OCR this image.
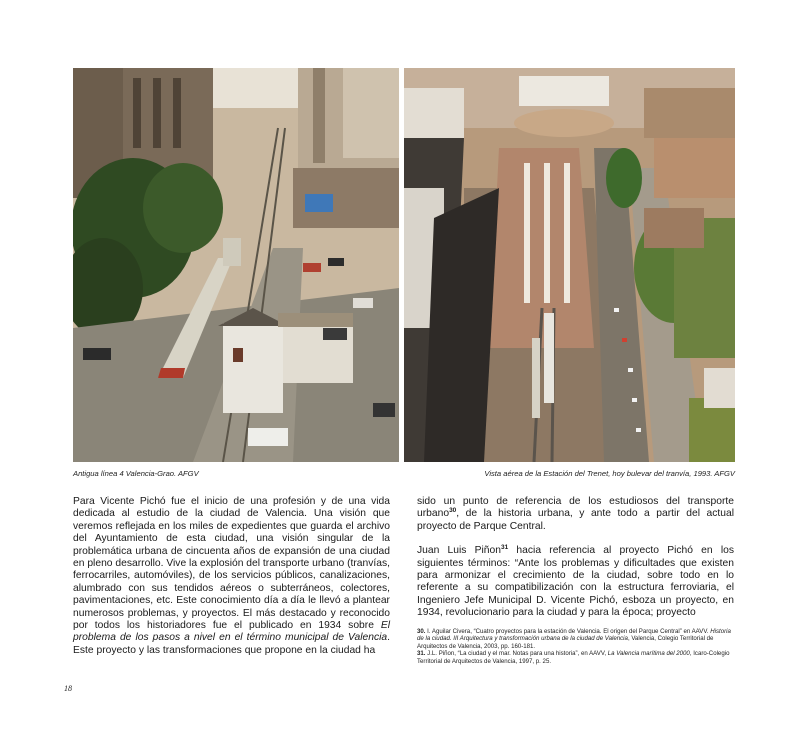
Antigua línea 4 Valencia-Grao. AFGV	Vista aérea de la Estación del Trenet, hoy bulevar del tranvía, 1993. AFGV

Para Vicente Pichó fue el inicio de una profesión y de una vida dedicada al estudio de la ciudad de Valencia. Una visión que veremos reflejada en los miles de expedientes que guarda el archivo del Ayuntamiento de esta ciudad, una visión singular de la problemática urbana de cincuenta años de expansión de una ciudad en pleno desarrollo. Vive la explosión del transporte urbano (tranvías, ferrocarriles, automóviles), de los servicios públicos, canalizaciones, alumbrado con sus tendidos aéreos o subterráneos, colectores, pavimentaciones, etc. Este conocimiento día a día le llevó a plantear numerosos problemas, y proyectos. El más destacado y reconocido por todos los historiadores fue el publicado en 1934 sobre El problema de los pasos a nivel en el término municipal de Valencia. Este proyecto y las transformaciones que propone en la ciudad ha

sido un punto de referencia de los estudiosos del transporte urbano$^{30}$, de la historia urbana, y ante todo a partir del actual proyecto de Parque Central.

Juan Luis Piñon$^{31}$ hacia referencia al proyecto Pichó en los siguientes términos: “Ante los problemas y dificultades que existen para armonizar el crecimiento de la ciudad, sobre todo en lo referente a su compatibilización con la estructura ferroviaria, el Ingeniero Jefe Municipal D. Vicente Pichó, esboza un proyecto, en 1934, revolucionario para la ciudad y para la época; proyecto

30. I. Aguilar Civera, “Cuatro proyectos para la estación de Valencia. El origen del Parque Central” en AAVV. Historia de la ciudad. III Arquitectura y transformación urbana de la ciudad de Valencia, Valencia, Colegio Territorial de Arquitectos de Valencia, 2003, pp. 160-181.
31. J.L. Piñon, “La ciudad y el mar. Notas para una historia”, en AAVV, La Valencia marítima del 2000, Icaro-Colegio Territorial de Arquitectos de Valencia, 1997, p. 25.
18
